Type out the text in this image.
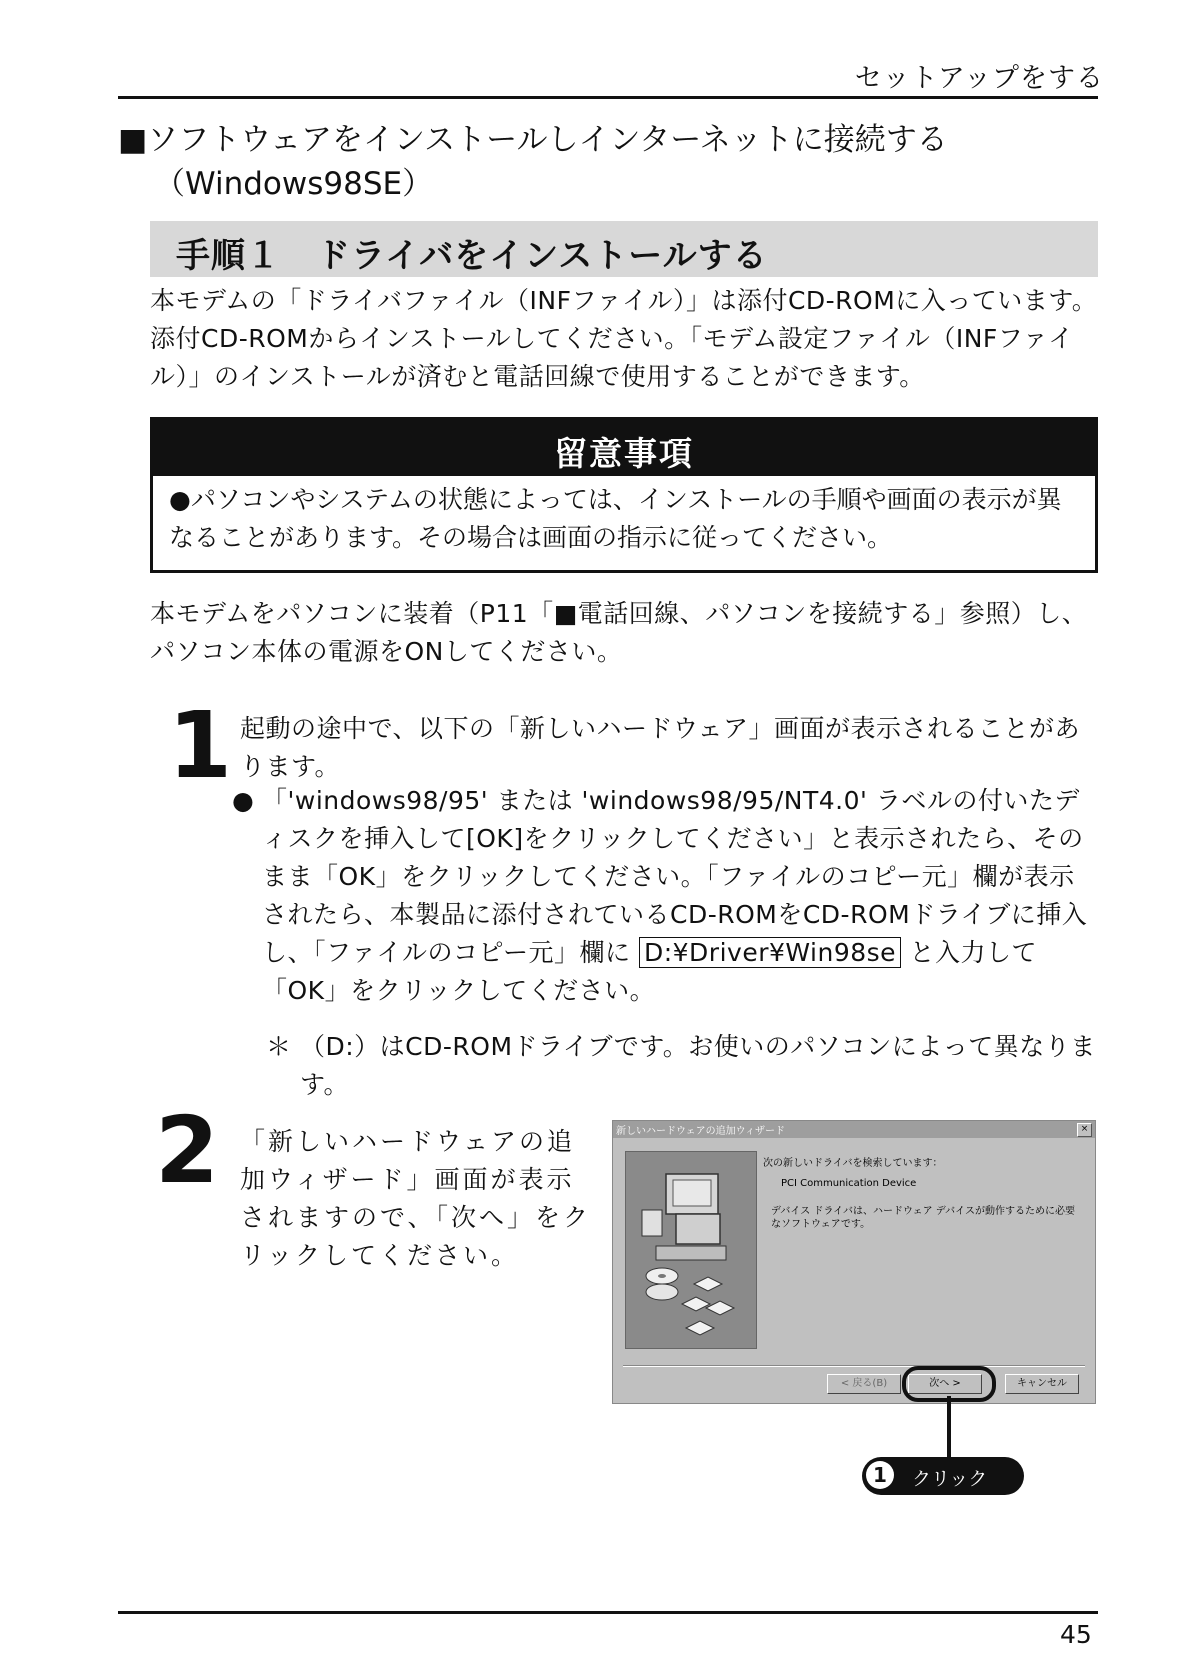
セットアップをする
■ソフトウェアをインストールしインターネットに接続する
（Windows98SE）
手順１　ドライバをインストールする
本モデムの「ドライバファイル（INFファイル）」は添付CD-ROMに入っています。添付CD-ROMからインストールしてください。「モデム設定ファイル（INFファイル）」のインストールが済むと電話回線で使用することができます。
留意事項
●パソコンやシステムの状態によっては、インストールの手順や画面の表示が異なることがあります。その場合は画面の指示に従ってください。
本モデムをパソコンに装着（P11「■電話回線、パソコンを接続する」参照）し、パソコン本体の電源をONしてください。
1 起動の途中で、以下の「新しいハードウェア」画面が表示されることがあります。
● 「'windows98/95' または 'windows98/95/NT4.0' ラベルの付いたディスクを挿入して[OK]をクリックしてください」と表示されたら、そのまま「OK」をクリックしてください。「ファイルのコピー元」欄が表示されたら、本製品に添付されているCD-ROMをCD-ROMドライブに挿入し、「ファイルのコピー元」欄に D:¥Driver¥Win98se と入力して「OK」をクリックしてください。
＊ （D:）はCD-ROMドライブです。お使いのパソコンによって異なります。
2 「新しいハードウェアの追加ウィザード」画面が表示されますので、「次へ」をクリックしてください。
新しいハードウェアの追加ウィザード	×
次の新しいドライバを検索しています：
PCI Communication Device
デバイス ドライバは、ハードウェア デバイスが動作するために必要なソフトウェアです。
< 戻る(B)	次へ >	キャンセル
1	クリック
45
